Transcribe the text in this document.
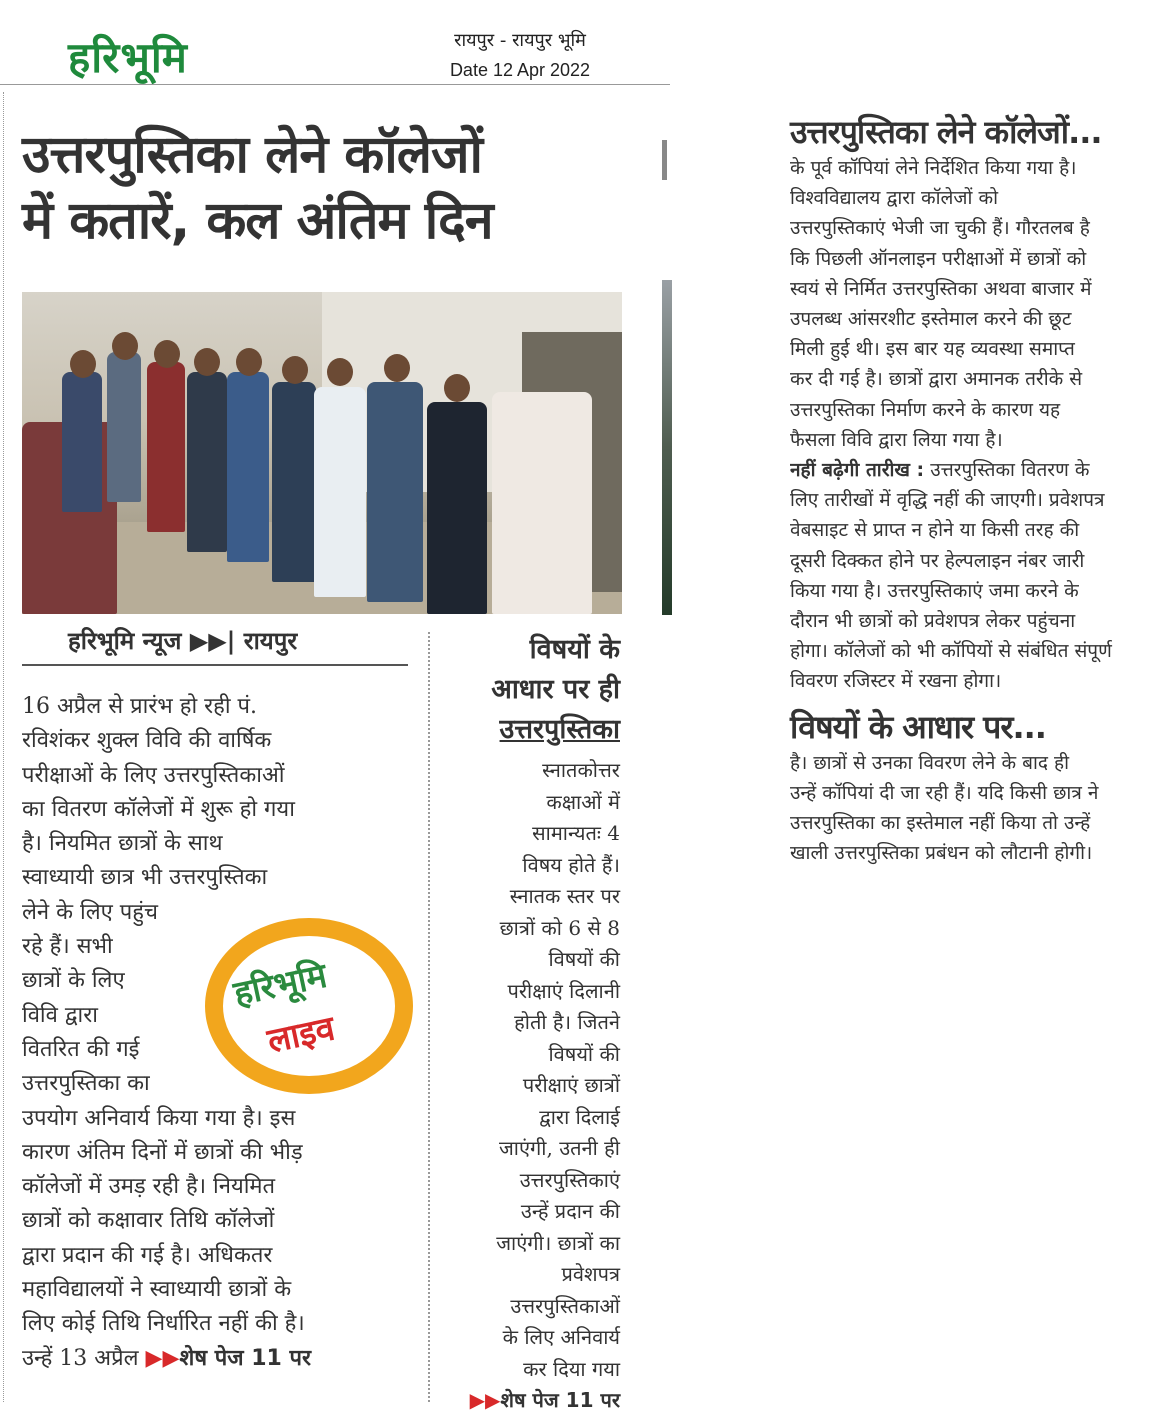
हरिभूमि	रायपुर - रायपुर भूमि
Date 12 Apr 2022
उत्तरपुस्तिका लेने कॉलेजों
में कतारें, कल अंतिम दिन
हरिभूमि न्यूज ▶▶| रायपुर
16 अप्रैल से प्रारंभ हो रही पं.
रविशंकर शुक्ल विवि की वार्षिक
परीक्षाओं के लिए उत्तरपुस्तिकाओं
का वितरण कॉलेजों में शुरू हो गया
है। नियमित छात्रों के साथ
स्वाध्यायी छात्र भी उत्तरपुस्तिका
लेने के लिए पहुंच
रहे हैं। सभी
छात्रों के लिए
विवि द्वारा
वितरित की गई
उत्तरपुस्तिका का
उपयोग अनिवार्य किया गया है। इस
कारण अंतिम दिनों में छात्रों की भीड़
कॉलेजों में उमड़ रही है। नियमित
छात्रों को कक्षावार तिथि कॉलेजों
द्वारा प्रदान की गई है। अधिकतर
महाविद्यालयों ने स्वाध्यायी छात्रों के
लिए कोई तिथि निर्धारित नहीं की है।
उन्हें 13 अप्रैल ▶▶शेष पेज 11 पर
हरिभूमि
लाइव
विषयों के
आधार पर ही
उत्तरपुस्तिका
स्नातकोत्तर
कक्षाओं में
सामान्यतः 4
विषय होते हैं।
स्नातक स्तर पर
छात्रों को 6 से 8
विषयों की
परीक्षाएं दिलानी
होती है। जितने
विषयों की
परीक्षाएं छात्रों
द्वारा दिलाई
जाएंगी, उतनी ही
उत्तरपुस्तिकाएं
उन्हें प्रदान की
जाएंगी। छात्रों का
प्रवेशपत्र
उत्तरपुस्तिकाओं
के लिए अनिवार्य
कर दिया गया
▶▶शेष पेज 11 पर
उत्तरपुस्तिका लेने कॉलेजों...
के पूर्व कॉपियां लेने निर्देशित किया गया है।
विश्वविद्यालय द्वारा कॉलेजों को
उत्तरपुस्तिकाएं भेजी जा चुकी हैं। गौरतलब है
कि पिछली ऑनलाइन परीक्षाओं में छात्रों को
स्वयं से निर्मित उत्तरपुस्तिका अथवा बाजार में
उपलब्ध आंसरशीट इस्तेमाल करने की छूट
मिली हुई थी। इस बार यह व्यवस्था समाप्त
कर दी गई है। छात्रों द्वारा अमानक तरीके से
उत्तरपुस्तिका निर्माण करने के कारण यह
फैसला विवि द्वारा लिया गया है।
नहीं बढ़ेगी तारीख : उत्तरपुस्तिका वितरण के
लिए तारीखों में वृद्धि नहीं की जाएगी। प्रवेशपत्र
वेबसाइट से प्राप्त न होने या किसी तरह की
दूसरी दिक्कत होने पर हेल्पलाइन नंबर जारी
किया गया है। उत्तरपुस्तिकाएं जमा करने के
दौरान भी छात्रों को प्रवेशपत्र लेकर पहुंचना
होगा। कॉलेजों को भी कॉपियों से संबंधित संपूर्ण
विवरण रजिस्टर में रखना होगा।
विषयों के आधार पर...
है। छात्रों से उनका विवरण लेने के बाद ही
उन्हें कॉपियां दी जा रही हैं। यदि किसी छात्र ने
उत्तरपुस्तिका का इस्तेमाल नहीं किया तो उन्हें
खाली उत्तरपुस्तिका प्रबंधन को लौटानी होगी।
